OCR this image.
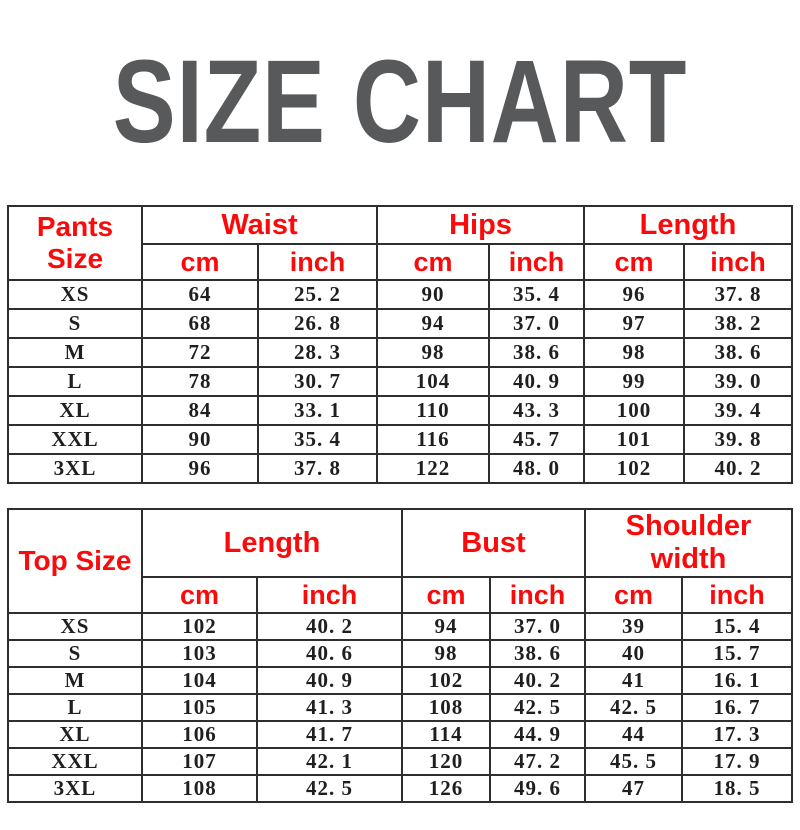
SIZE CHART
Pants Size	Waist		Hips		Length	
	cm	inch	cm	inch	cm	inch
XS	64	25. 2	90	35. 4	96	37. 8
S	68	26. 8	94	37. 0	97	38. 2
M	72	28. 3	98	38. 6	98	38. 6
L	78	30. 7	104	40. 9	99	39. 0
XL	84	33. 1	110	43. 3	100	39. 4
XXL	90	35. 4	116	45. 7	101	39. 8
3XL	96	37. 8	122	48. 0	102	40. 2
Top Size	Length		Bust		Shoulder width	
	cm	inch	cm	inch	cm	inch
XS	102	40. 2	94	37. 0	39	15. 4
S	103	40. 6	98	38. 6	40	15. 7
M	104	40. 9	102	40. 2	41	16. 1
L	105	41. 3	108	42. 5	42. 5	16. 7
XL	106	41. 7	114	44. 9	44	17. 3
XXL	107	42. 1	120	47. 2	45. 5	17. 9
3XL	108	42. 5	126	49. 6	47	18. 5
